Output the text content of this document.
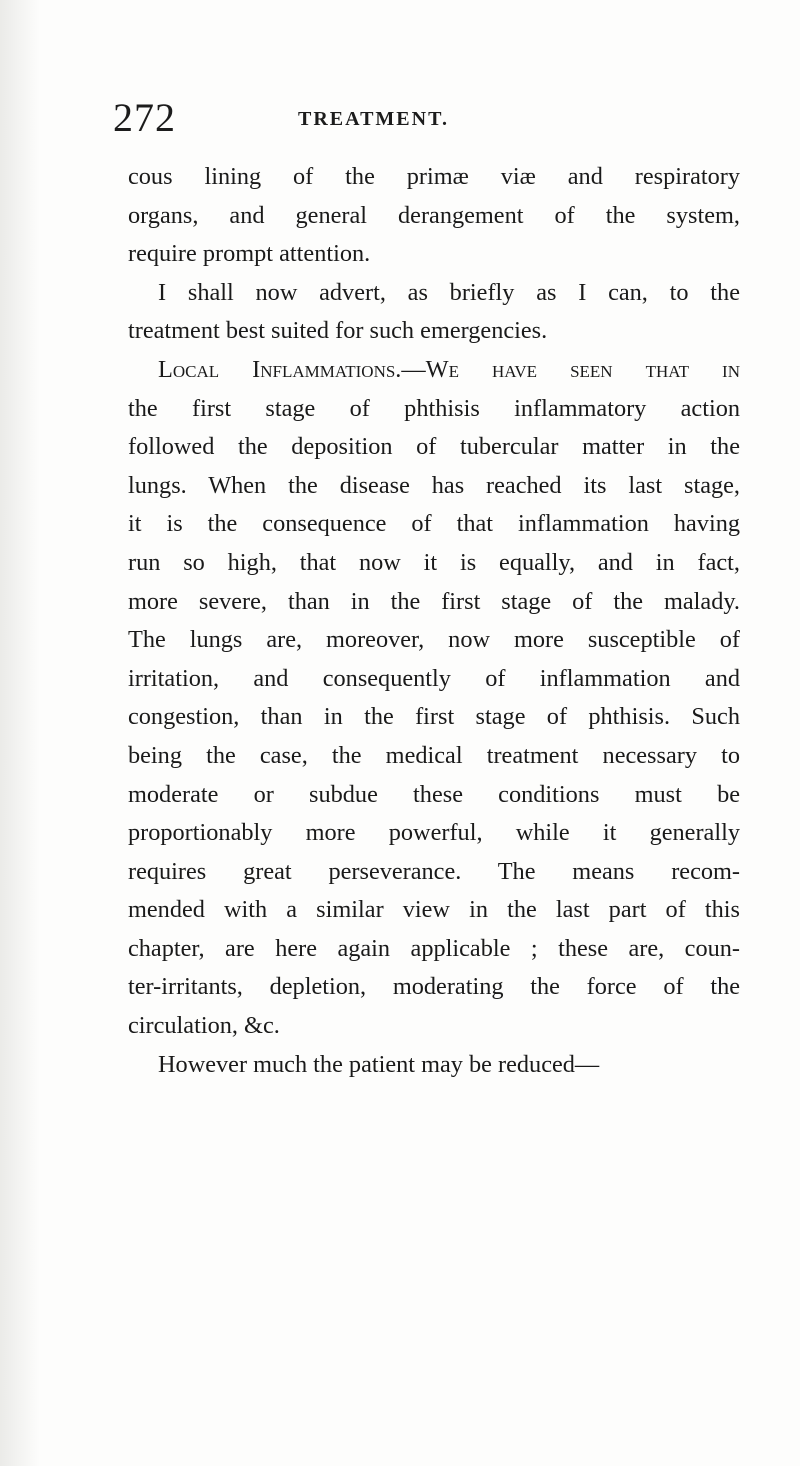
272	TREATMENT.
cous lining of the primæ viæ and respiratory
organs, and general derangement of the system,
require prompt attention.
I shall now advert, as briefly as I can, to the
treatment best suited for such emergencies.
Local Inflammations.—We have seen that in
the first stage of phthisis inflammatory action
followed the deposition of tubercular matter in the
lungs. When the disease has reached its last stage,
it is the consequence of that inflammation having
run so high, that now it is equally, and in fact,
more severe, than in the first stage of the malady.
The lungs are, moreover, now more susceptible of
irritation, and consequently of inflammation and
congestion, than in the first stage of phthisis. Such
being the case, the medical treatment necessary to
moderate or subdue these conditions must be
proportionably more powerful, while it generally
requires great perseverance. The means recom-
mended with a similar view in the last part of this
chapter, are here again applicable ; these are, coun-
ter-irritants, depletion, moderating the force of the
circulation, &c.
However much the patient may be reduced—
